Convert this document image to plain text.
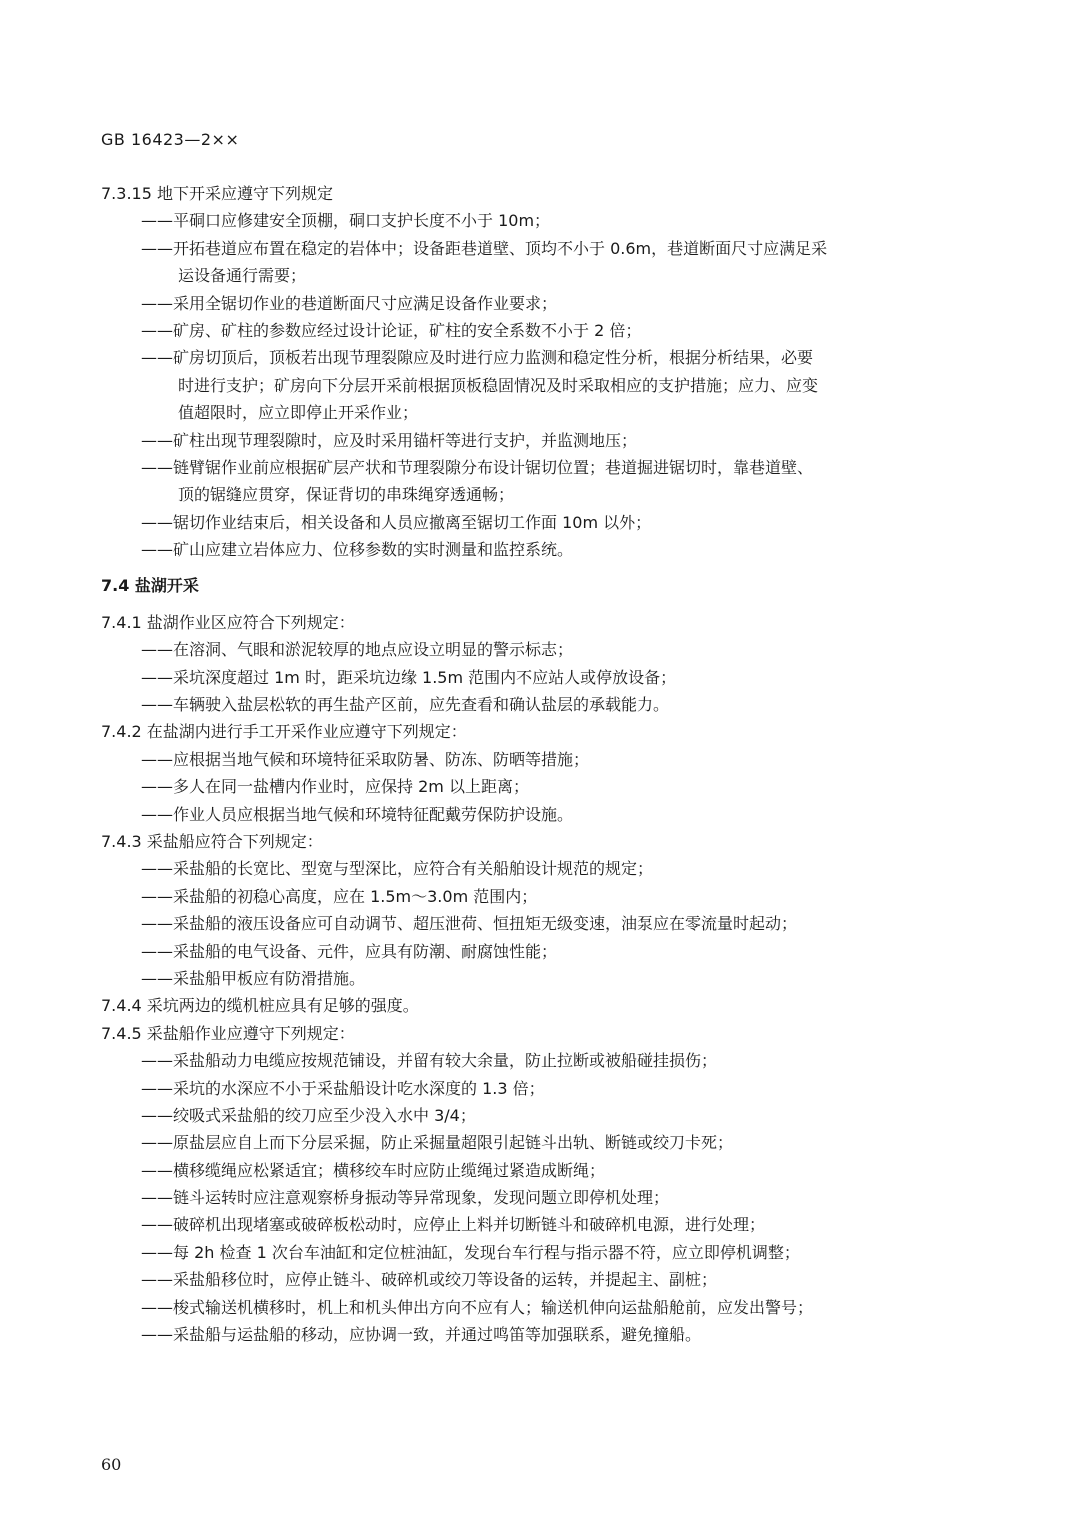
GB 16423—2××
7.3.15 地下开采应遵守下列规定
——平硐口应修建安全顶棚，硐口支护长度不小于 10m；
——开拓巷道应布置在稳定的岩体中；设备距巷道壁、顶均不小于 0.6m，巷道断面尺寸应满足采
运设备通行需要；
——采用全锯切作业的巷道断面尺寸应满足设备作业要求；
——矿房、矿柱的参数应经过设计论证，矿柱的安全系数不小于 2 倍；
——矿房切顶后，顶板若出现节理裂隙应及时进行应力监测和稳定性分析，根据分析结果，必要
时进行支护；矿房向下分层开采前根据顶板稳固情况及时采取相应的支护措施；应力、应变
值超限时，应立即停止开采作业；
——矿柱出现节理裂隙时，应及时采用锚杆等进行支护，并监测地压；
——链臂锯作业前应根据矿层产状和节理裂隙分布设计锯切位置；巷道掘进锯切时，靠巷道壁、
顶的锯缝应贯穿，保证背切的串珠绳穿透通畅；
——锯切作业结束后，相关设备和人员应撤离至锯切工作面 10m 以外；
——矿山应建立岩体应力、位移参数的实时测量和监控系统。
7.4 盐湖开采
7.4.1 盐湖作业区应符合下列规定：
——在溶洞、气眼和淤泥较厚的地点应设立明显的警示标志；
——采坑深度超过 1m 时，距采坑边缘 1.5m 范围内不应站人或停放设备；
——车辆驶入盐层松软的再生盐产区前，应先查看和确认盐层的承载能力。
7.4.2 在盐湖内进行手工开采作业应遵守下列规定：
——应根据当地气候和环境特征采取防暑、防冻、防晒等措施；
——多人在同一盐槽内作业时，应保持 2m 以上距离；
——作业人员应根据当地气候和环境特征配戴劳保防护设施。
7.4.3 采盐船应符合下列规定：
——采盐船的长宽比、型宽与型深比，应符合有关船舶设计规范的规定；
——采盐船的初稳心高度，应在 1.5m～3.0m 范围内；
——采盐船的液压设备应可自动调节、超压泄荷、恒扭矩无级变速，油泵应在零流量时起动；
——采盐船的电气设备、元件，应具有防潮、耐腐蚀性能；
——采盐船甲板应有防滑措施。
7.4.4 采坑两边的缆机桩应具有足够的强度。
7.4.5 采盐船作业应遵守下列规定：
——采盐船动力电缆应按规范铺设，并留有较大余量，防止拉断或被船碰挂损伤；
——采坑的水深应不小于采盐船设计吃水深度的 1.3 倍；
——绞吸式采盐船的绞刀应至少没入水中 3/4；
——原盐层应自上而下分层采掘，防止采掘量超限引起链斗出轨、断链或绞刀卡死；
——横移缆绳应松紧适宜；横移绞车时应防止缆绳过紧造成断绳；
——链斗运转时应注意观察桥身振动等异常现象，发现问题立即停机处理；
——破碎机出现堵塞或破碎板松动时，应停止上料并切断链斗和破碎机电源，进行处理；
——每 2h 检查 1 次台车油缸和定位桩油缸，发现台车行程与指示器不符，应立即停机调整；
——采盐船移位时，应停止链斗、破碎机或绞刀等设备的运转，并提起主、副桩；
——梭式输送机横移时，机上和机头伸出方向不应有人；输送机伸向运盐船舱前，应发出警号；
——采盐船与运盐船的移动，应协调一致，并通过鸣笛等加强联系，避免撞船。
60
